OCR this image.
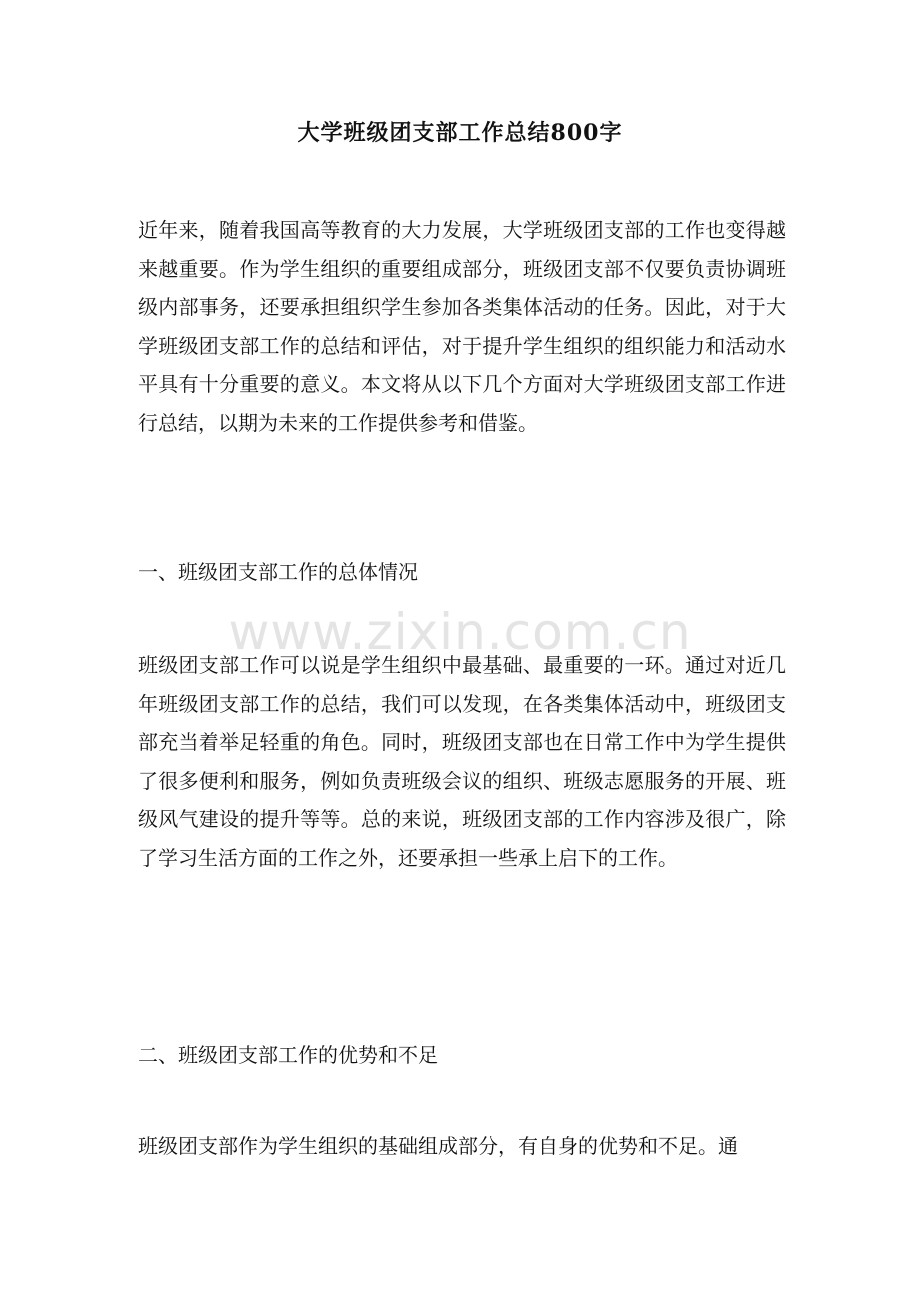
大学班级团支部工作总结800字

近年来，随着我国高等教育的大力发展，大学班级团支部的工作也变得越来越重要。作为学生组织的重要组成部分，班级团支部不仅要负责协调班级内部事务，还要承担组织学生参加各类集体活动的任务。因此，对于大学班级团支部工作的总结和评估，对于提升学生组织的组织能力和活动水平具有十分重要的意义。本文将从以下几个方面对大学班级团支部工作进行总结，以期为未来的工作提供参考和借鉴。

一、班级团支部工作的总体情况

班级团支部工作可以说是学生组织中最基础、最重要的一环。通过对近几年班级团支部工作的总结，我们可以发现，在各类集体活动中，班级团支部充当着举足轻重的角色。同时，班级团支部也在日常工作中为学生提供了很多便利和服务，例如负责班级会议的组织、班级志愿服务的开展、班级风气建设的提升等等。总的来说，班级团支部的工作内容涉及很广，除了学习生活方面的工作之外，还要承担一些承上启下的工作。

二、班级团支部工作的优势和不足

班级团支部作为学生组织的基础组成部分，有自身的优势和不足。通

www.zixin.com.cn
